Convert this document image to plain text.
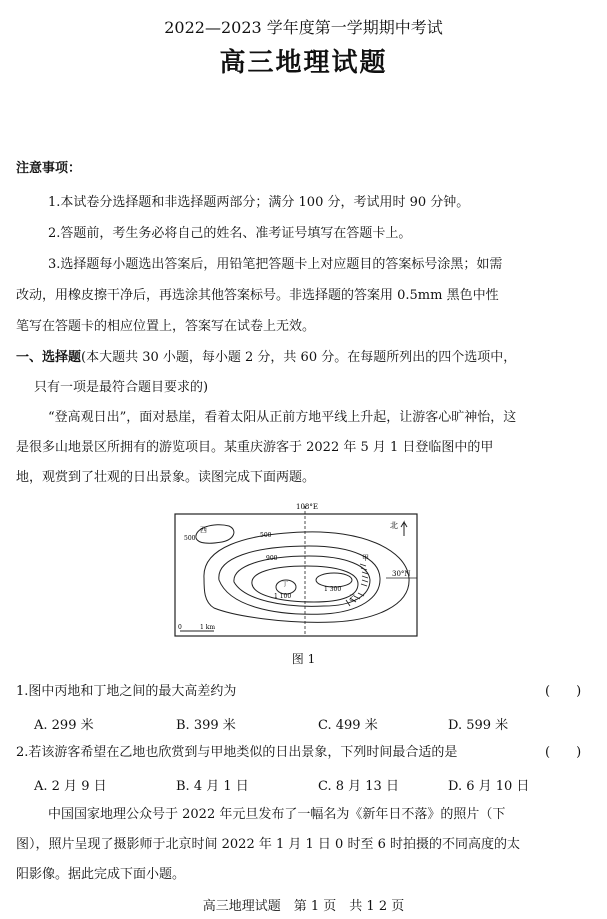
2022—2023 学年度第一学期期中考试
高三地理试题
注意事项：
1.本试卷分选择题和非选择题两部分；满分 100 分，考试用时 90 分钟。
2.答题前，考生务必将自己的姓名、准考证号填写在答题卡上。
3.选择题每小题选出答案后，用铅笔把答题卡上对应题目的答案标号涂黑；如需
改动，用橡皮擦干净后，再选涂其他答案标号。非选择题的答案用 0.5mm 黑色中性
笔写在答题卡的相应位置上，答案写在试卷上无效。
一、选择题(本大题共 30 小题，每小题 2 分，共 60 分。在每题所列出的四个选项中，
只有一项是最符合题目要求的)
“登高观日出”，面对悬崖，看着太阳从正前方地平线上升起，让游客心旷神怡，这
是很多山地景区所拥有的游览项目。某重庆游客于 2022 年 5 月 1 日登临图中的甲
地，观赏到了壮观的日出景象。读图完成下面两题。
108°E
30°N
北
西
500	500
900
丁
1 100
1 300
甲
乙
0	1 km
图 1
1.图中丙地和丁地之间的最大高差约为	(　　)
A. 299 米	B. 399 米	C. 499 米	D. 599 米
2.若该游客希望在乙地也欣赏到与甲地类似的日出景象，下列时间最合适的是	(　　)
A. 2 月 9 日	B. 4 月 1 日	C. 8 月 13 日	D. 6 月 10 日
中国国家地理公众号于 2022 年元旦发布了一幅名为《新年日不落》的照片（下
图），照片呈现了摄影师于北京时间 2022 年 1 月 1 日 0 时至 6 时拍摄的不同高度的太
阳影像。据此完成下面小题。
高三地理试题　第 1 页　共 1 2 页
